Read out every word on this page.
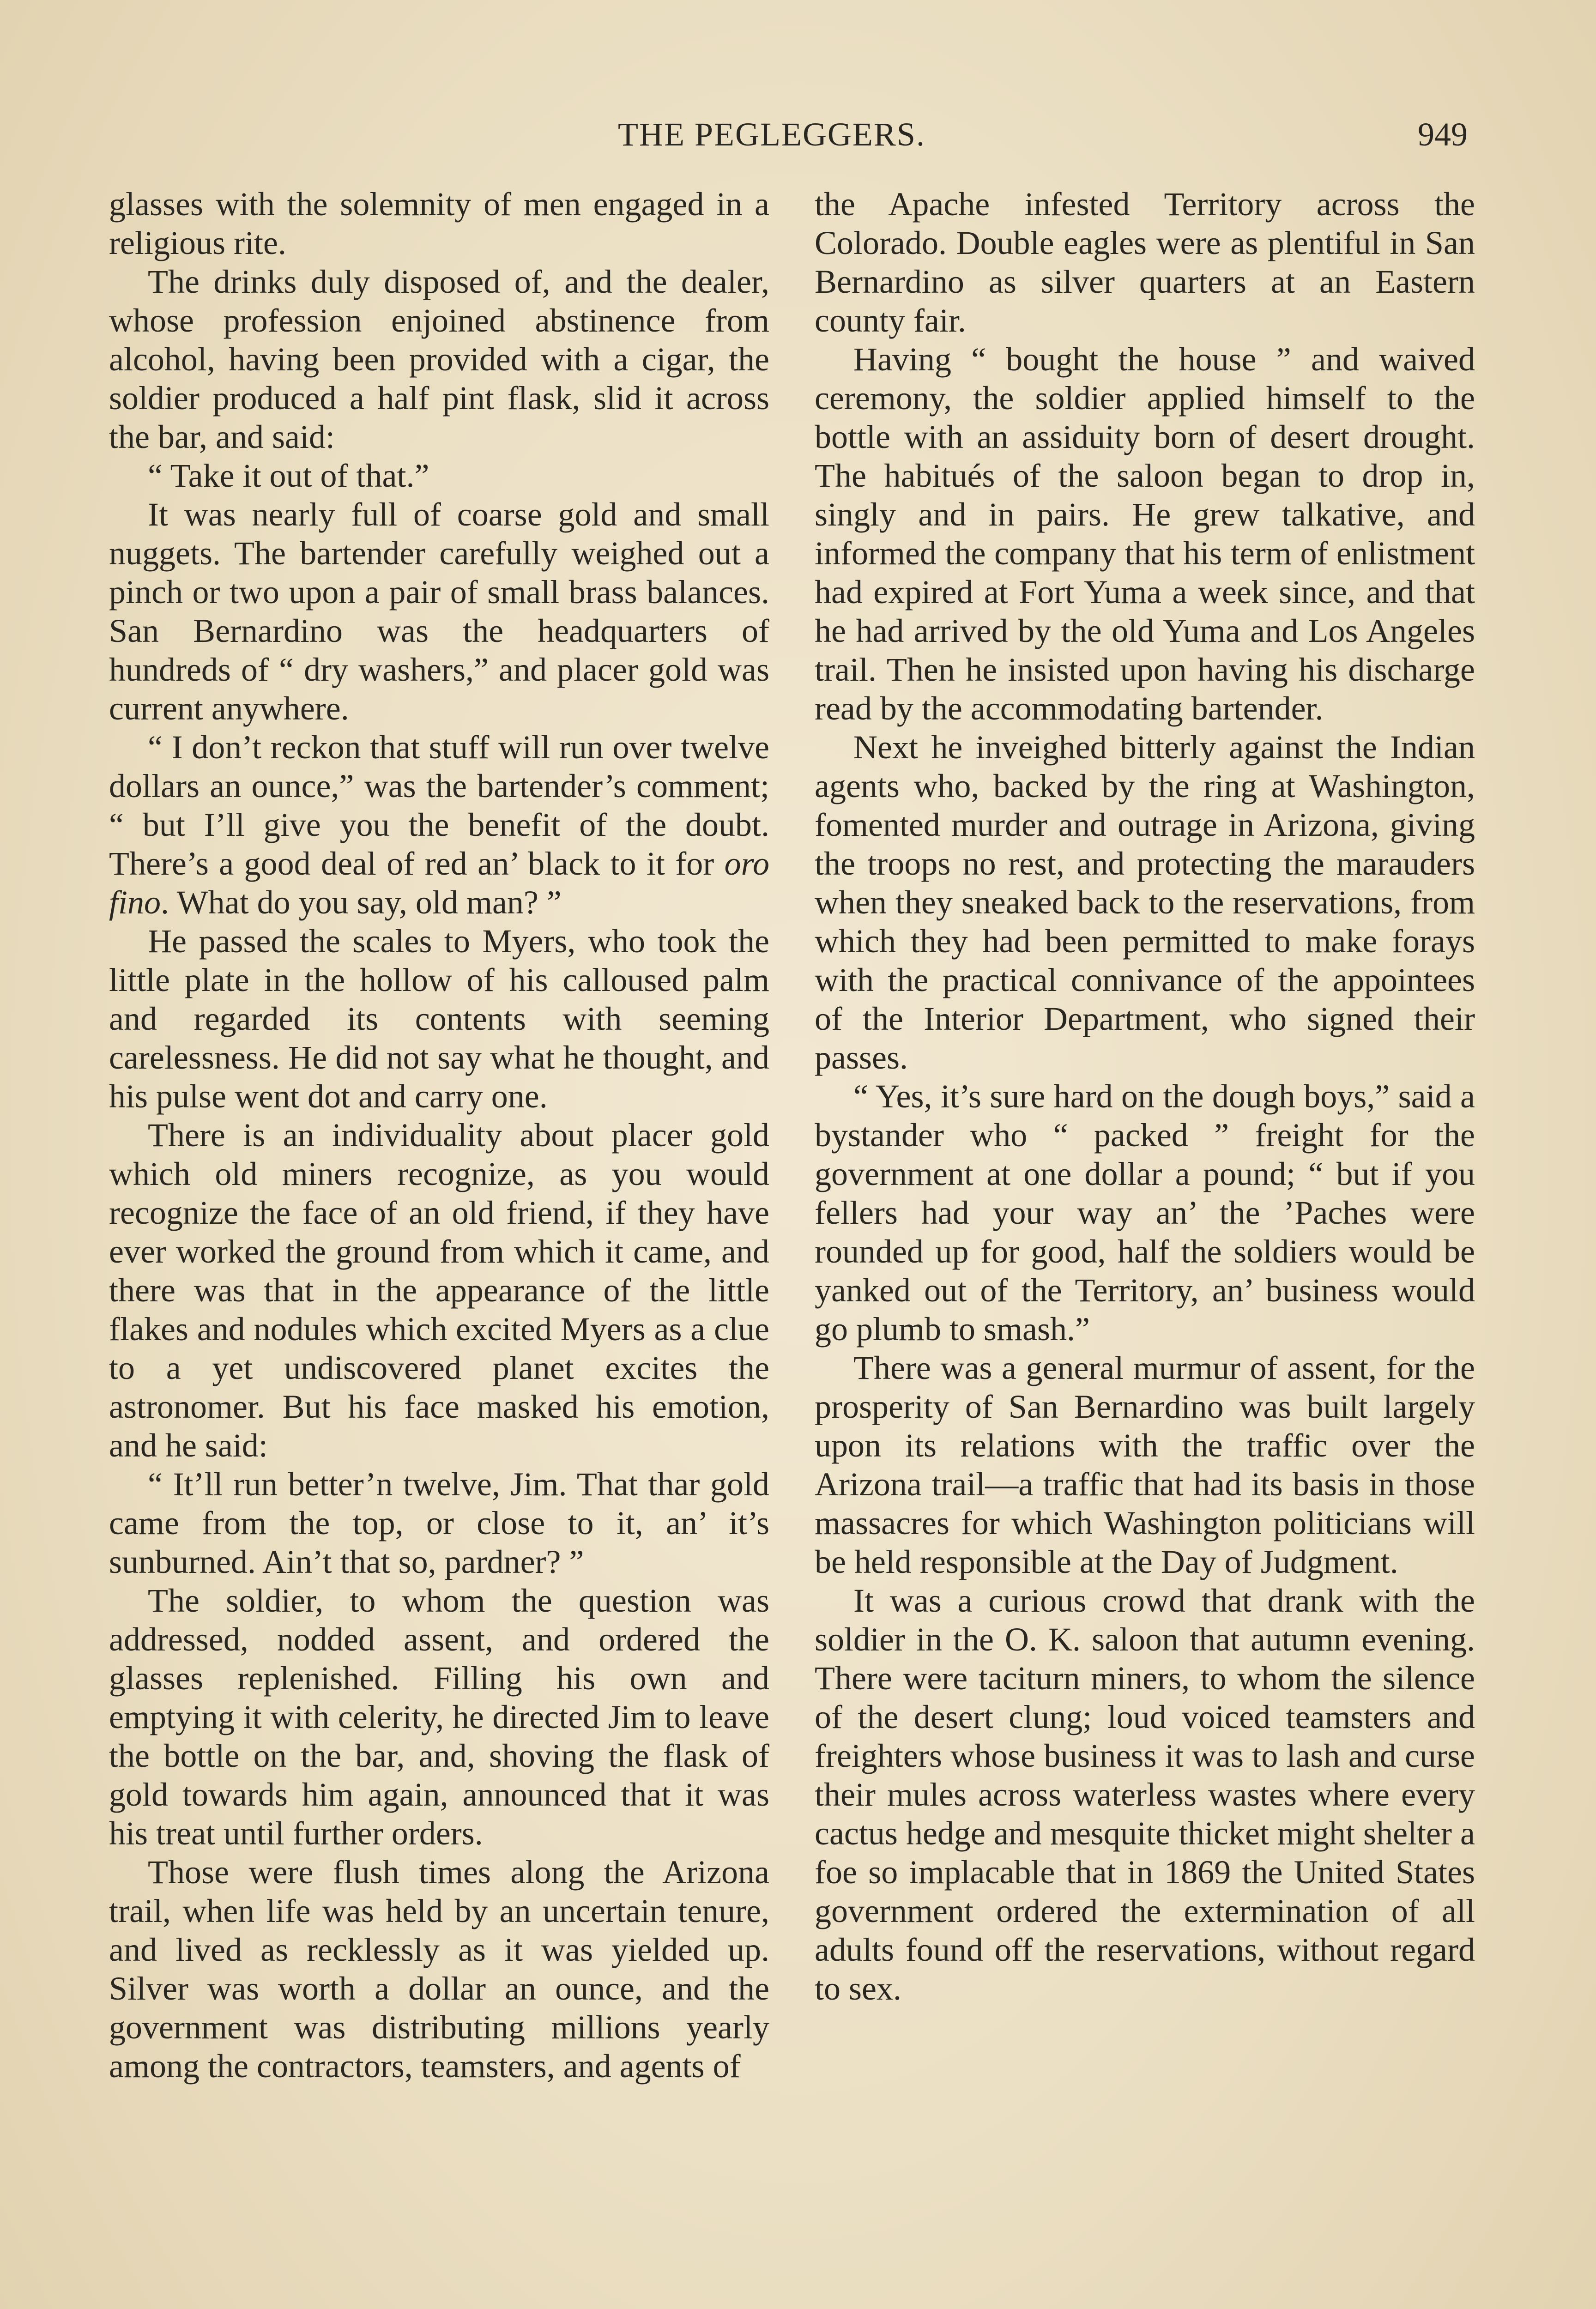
THE PEGLEGGERS.	949

glasses with the solemnity of men engaged in a religious rite.

The drinks duly disposed of, and the dealer, whose profession enjoined abstinence from alcohol, having been provided with a cigar, the soldier produced a half pint flask, slid it across the bar, and said:

“ Take it out of that.”

It was nearly full of coarse gold and small nuggets. The bartender carefully weighed out a pinch or two upon a pair of small brass balances. San Bernardino was the headquarters of hundreds of “ dry washers,” and placer gold was current anywhere.

“ I don’t reckon that stuff will run over twelve dollars an ounce,” was the bartender’s comment; “ but I’ll give you the benefit of the doubt. There’s a good deal of red an’ black to it for oro fino. What do you say, old man? ”

He passed the scales to Myers, who took the little plate in the hollow of his calloused palm and regarded its contents with seeming carelessness. He did not say what he thought, and his pulse went dot and carry one.

There is an individuality about placer gold which old miners recognize, as you would recognize the face of an old friend, if they have ever worked the ground from which it came, and there was that in the appearance of the little flakes and nodules which excited Myers as a clue to a yet undiscovered planet excites the astronomer. But his face masked his emotion, and he said:

“ It’ll run better’n twelve, Jim. That thar gold came from the top, or close to it, an’ it’s sunburned. Ain’t that so, pardner? ”

The soldier, to whom the question was addressed, nodded assent, and ordered the glasses replenished. Filling his own and emptying it with celerity, he directed Jim to leave the bottle on the bar, and, shoving the flask of gold towards him again, announced that it was his treat until further orders.

Those were flush times along the Arizona trail, when life was held by an uncertain tenure, and lived as recklessly as it was yielded up. Silver was worth a dollar an ounce, and the government was distributing millions yearly among the contractors, teamsters, and agents of

the Apache infested Territory across the Colorado. Double eagles were as plentiful in San Bernardino as silver quarters at an Eastern county fair.

Having “ bought the house ” and waived ceremony, the soldier applied himself to the bottle with an assiduity born of desert drought. The habitués of the saloon began to drop in, singly and in pairs. He grew talkative, and informed the company that his term of enlistment had expired at Fort Yuma a week since, and that he had arrived by the old Yuma and Los Angeles trail. Then he insisted upon having his discharge read by the accommodating bartender.

Next he inveighed bitterly against the Indian agents who, backed by the ring at Washington, fomented murder and outrage in Arizona, giving the troops no rest, and protecting the marauders when they sneaked back to the reservations, from which they had been permitted to make forays with the practical connivance of the appointees of the Interior Department, who signed their passes.

“ Yes, it’s sure hard on the dough boys,” said a bystander who “ packed ” freight for the government at one dollar a pound; “ but if you fellers had your way an’ the ’Paches were rounded up for good, half the soldiers would be yanked out of the Territory, an’ business would go plumb to smash.”

There was a general murmur of assent, for the prosperity of San Bernardino was built largely upon its relations with the traffic over the Arizona trail—a traffic that had its basis in those massacres for which Washington politicians will be held responsible at the Day of Judgment.

It was a curious crowd that drank with the soldier in the O. K. saloon that autumn evening. There were taciturn miners, to whom the silence of the desert clung; loud voiced teamsters and freighters whose business it was to lash and curse their mules across waterless wastes where every cactus hedge and mesquite thicket might shelter a foe so implacable that in 1869 the United States government ordered the extermination of all adults found off the reservations, without regard to sex.
